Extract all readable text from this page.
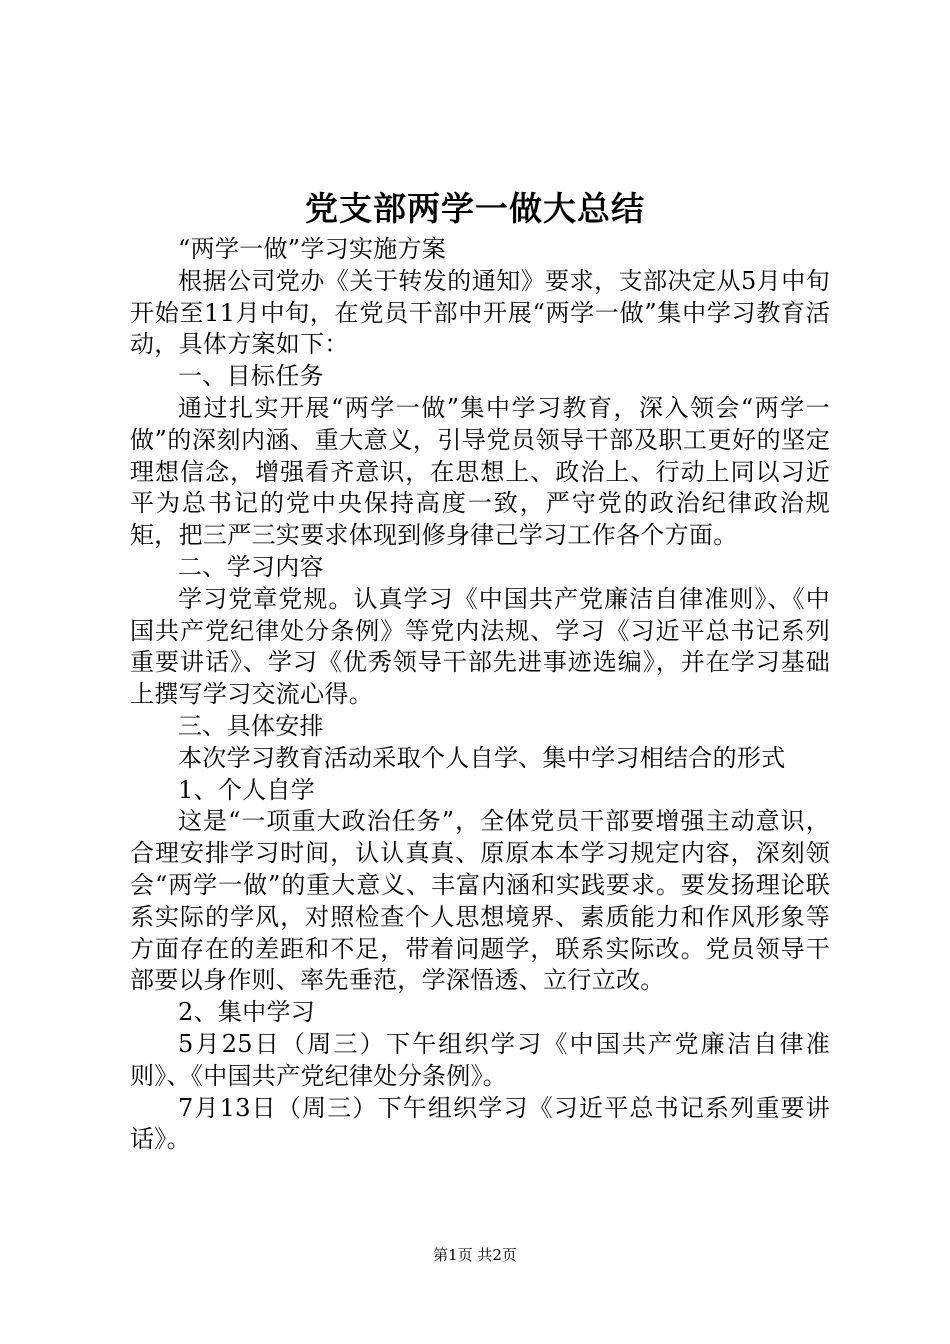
党支部两学一做大总结

“两学一做”学习实施方案

根据公司党办《关于转发的通知》要求，支部决定从5月中旬开始至11月中旬，在党员干部中开展“两学一做”集中学习教育活动，具体方案如下：

一、目标任务

通过扎实开展“两学一做”集中学习教育，深入领会“两学一做”的深刻内涵、重大意义，引导党员领导干部及职工更好的坚定理想信念，增强看齐意识，在思想上、政治上、行动上同以习近平为总书记的党中央保持高度一致，严守党的政治纪律政治规矩，把三严三实要求体现到修身律己学习工作各个方面。

二、学习内容

学习党章党规。认真学习《中国共产党廉洁自律准则》、《中国共产党纪律处分条例》等党内法规、学习《习近平总书记系列重要讲话》、学习《优秀领导干部先进事迹选编》，并在学习基础上撰写学习交流心得。

三、具体安排

本次学习教育活动采取个人自学、集中学习相结合的形式

1、个人自学

这是“一项重大政治任务”，全体党员干部要增强主动意识，合理安排学习时间，认认真真、原原本本学习规定内容，深刻领会“两学一做”的重大意义、丰富内涵和实践要求。要发扬理论联系实际的学风，对照检查个人思想境界、素质能力和作风形象等方面存在的差距和不足，带着问题学，联系实际改。党员领导干部要以身作则、率先垂范，学深悟透、立行立改。

2、集中学习

5月25日（周三）下午组织学习《中国共产党廉洁自律准则》、《中国共产党纪律处分条例》。

7月13日（周三）下午组织学习《习近平总书记系列重要讲话》。

第1页 共2页
